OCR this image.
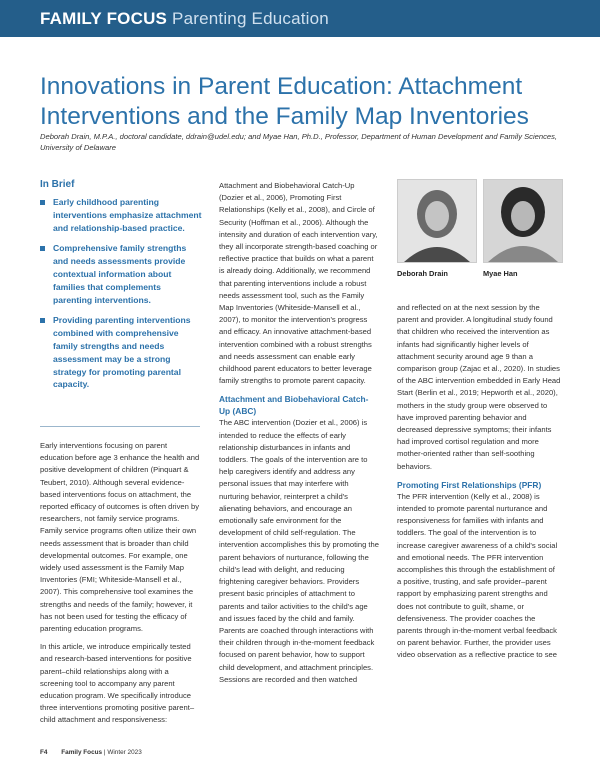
FAMILY FOCUS Parenting Education
Innovations in Parent Education: Attachment Interventions and the Family Map Inventories
Deborah Drain, M.P.A., doctoral candidate, ddrain@udel.edu; and Myae Han, Ph.D., Professor, Department of Human Development and Family Sciences, University of Delaware
In Brief
Early childhood parenting interventions emphasize attachment and relationship-based practice.
Comprehensive family strengths and needs assessments provide contextual information about families that complements parenting interventions.
Providing parenting interventions combined with comprehensive family strengths and needs assessment may be a strong strategy for promoting parental capacity.

Early interventions focusing on parent education before age 3 enhance the health and positive development of children (Pinquart & Teubert, 2010). Although several evidence-based interventions focus on attachment, the reported efficacy of outcomes is often driven by researchers, not family service programs. Family service programs often utilize their own needs assessment that is broader than child developmental outcomes. For example, one widely used assessment is the Family Map Inventories (FMI; Whiteside-Mansell et al., 2007). This comprehensive tool examines the strengths and needs of the family; however, it has not been used for testing the efficacy of parenting education programs.

In this article, we introduce empirically tested and research-based interventions for positive parent–child relationships along with a screening tool to accompany any parent education program. We specifically introduce three interventions promoting positive parent–child attachment and responsiveness:

Attachment and Biobehavioral Catch-Up (Dozier et al., 2006), Promoting First Relationships (Kelly et al., 2008), and Circle of Security (Hoffman et al., 2006). Although the intensity and duration of each intervention vary, they all incorporate strength-based coaching or reflective practice that builds on what a parent is already doing. Additionally, we recommend that parenting interventions include a robust needs assessment tool, such as the Family Map Inventories (Whiteside-Mansell et al., 2007), to monitor the intervention's progress and efficacy. An innovative attachment-based intervention combined with a robust strengths and needs assessment can enable early childhood parent educators to better leverage family strengths to promote parent capacity.

Attachment and Biobehavioral Catch-Up (ABC)

The ABC intervention (Dozier et al., 2006) is intended to reduce the effects of early relationship disturbances in infants and toddlers. The goals of the intervention are to help caregivers identify and address any personal issues that may interfere with nurturing behavior, reinterpret a child's alienating behaviors, and encourage an emotionally safe environment for the development of child self-regulation. The intervention accomplishes this by promoting the parent behaviors of nurturance, following the child's lead with delight, and reducing frightening caregiver behaviors. Providers present basic principles of attachment to parents and tailor activities to the child's age and issues faced by the child and family. Parents are coached through interactions with their children through in-the-moment feedback focused on parent behavior, how to support child development, and attachment principles. Sessions are recorded and then watched

Deborah Drain	Myae Han

and reflected on at the next session by the parent and provider. A longitudinal study found that children who received the intervention as infants had significantly higher levels of attachment security around age 9 than a comparison group (Zajac et al., 2020). In studies of the ABC intervention embedded in Early Head Start (Berlin et al., 2019; Hepworth et al., 2020), mothers in the study group were observed to have improved parenting behavior and decreased depressive symptoms; their infants had improved cortisol regulation and more mother-oriented rather than self-soothing behaviors.

Promoting First Relationships (PFR)

The PFR intervention (Kelly et al., 2008) is intended to promote parental nurturance and responsiveness for families with infants and toddlers. The goal of the intervention is to increase caregiver awareness of a child's social and emotional needs. The PFR intervention accomplishes this through the establishment of a positive, trusting, and safe provider–parent rapport by emphasizing parent strengths and does not contribute to guilt, shame, or defensiveness. The provider coaches the parents through in-the-moment verbal feedback on parent behavior. Further, the provider uses video observation as a reflective practice to see

F4 Family Focus | Winter 2023
